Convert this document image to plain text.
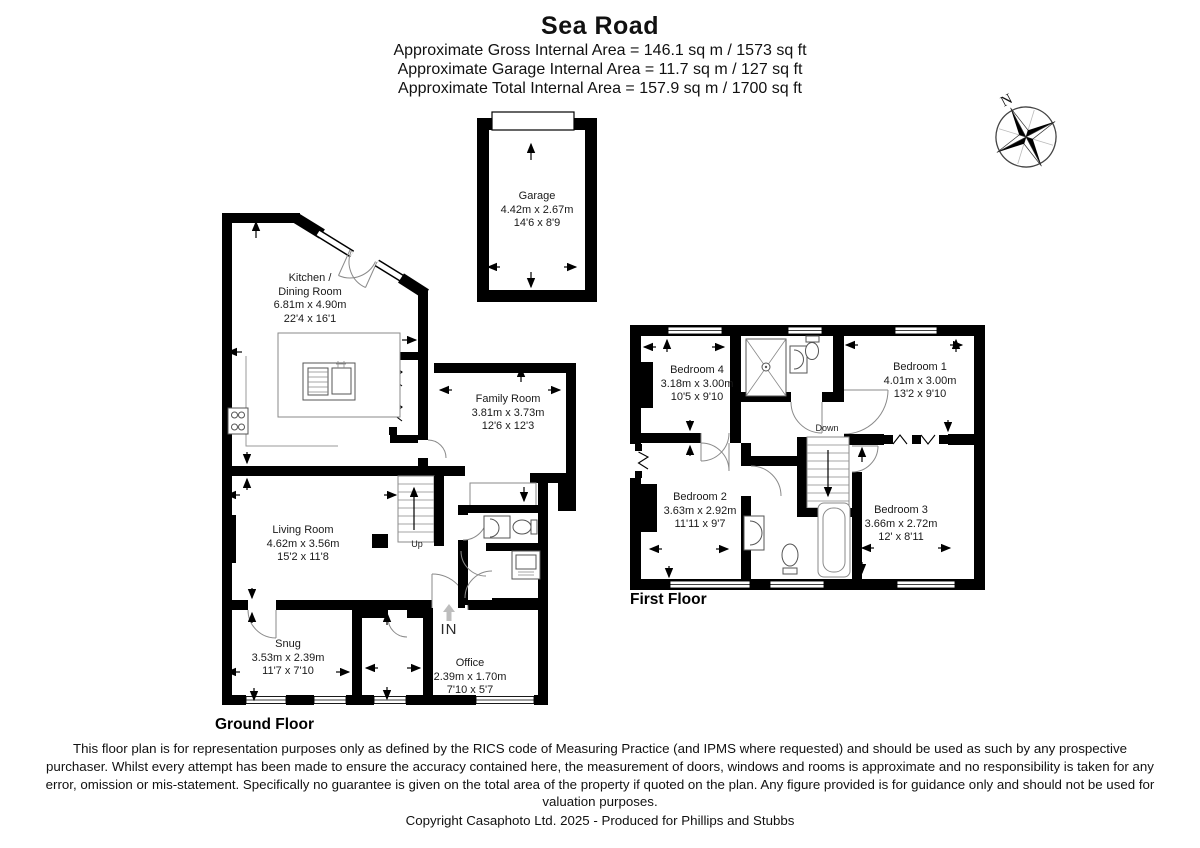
N
Sea Road
Approximate Gross Internal Area = 146.1 sq m / 1573 sq ft
Approximate Garage Internal Area = 11.7 sq m / 127 sq ft
Approximate Total Internal Area = 157.9 sq m / 1700 sq ft
Garage
4.42m x 2.67m
14'6 x 8'9
Kitchen /
Dining Room
6.81m x 4.90m
22'4 x 16'1
Family Room
3.81m x 3.73m
12'6 x 12'3
Living Room
4.62m x 3.56m
15'2 x 11'8
Snug
3.53m x 2.39m
11'7 x 7'10
Office
2.39m x 1.70m
7'10 x 5'7
Bedroom 4
3.18m x 3.00m
10'5 x 9'10
Bedroom 1
4.01m x 3.00m
13'2 x 9'10
Bedroom 2
3.63m x 2.92m
11'11 x 9'7
Bedroom 3
3.66m x 2.72m
12' x 8'11
Up
Down
IN
Ground Floor
First Floor
This floor plan is for representation purposes only as defined by the RICS code of Measuring Practice (and IPMS where requested) and should be used as such by any prospective purchaser. Whilst every attempt has been made to ensure the accuracy contained here, the measurement of doors, windows and rooms is approximate and no responsibility is taken for any error, omission or mis-statement. Specifically no guarantee is given on the total area of the property if quoted on the plan. Any figure provided is for guidance only and should not be used for valuation purposes.
Copyright Casaphoto Ltd. 2025 - Produced for Phillips and Stubbs
